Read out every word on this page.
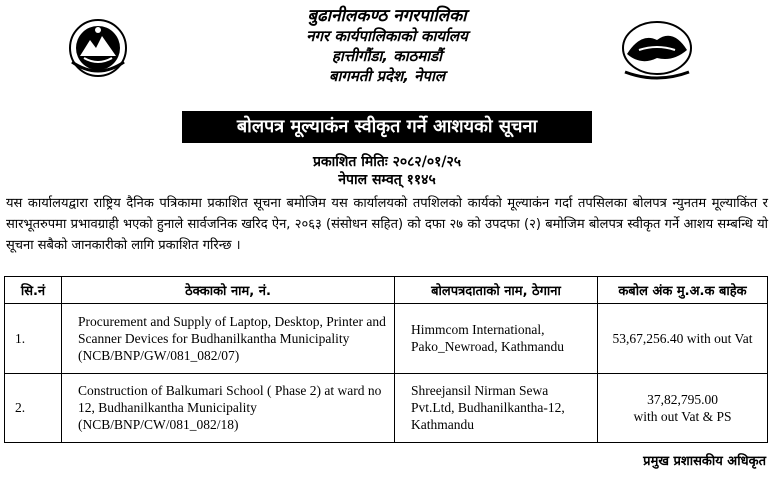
बुढानीलकण्ठ नगरपालिका
नगर कार्यपालिकाको कार्यालय
हात्तीगौंडा, काठमाडौं
बागमती प्रदेश, नेपाल
बोलपत्र मूल्याकंन स्वीकृत गर्ने आशयको सूचना
प्रकाशित मितिः २०८२/०१/२५
नेपाल सम्वत् ११४५
यस कार्यालयद्वारा राष्ट्रिय दैनिक पत्रिकामा प्रकाशित सूचना बमोजिम यस कार्यालयको तपशिलको कार्यको मूल्याकंन गर्दा तपसिलका बोलपत्र न्युनतम मूल्याकिंत र सारभूतरुपमा प्रभावग्राही भएको हुनाले सार्वजनिक खरिद ऐन, २०६३ (संसोधन सहित) को दफा २७ को उपदफा (२) बमोजिम बोलपत्र स्वीकृत गर्ने आशय सम्बन्धि यो सूचना सबैको जानकारीको लागि प्रकाशित गरिन्छ ।
सि.नं	ठेक्काको नाम, नं.	बोलपत्रदाताको नाम, ठेगाना	कबोल अंक मु.अ.क बाहेक
1.	Procurement and Supply of Laptop, Desktop, Printer and Scanner Devices for Budhanilkantha Municipality (NCB/BNP/GW/081_082/07)	Himmcom International, Pako_Newroad, Kathmandu	53,67,256.40 with out Vat

2.	Construction of Balkumari School ( Phase 2) at ward no 12, Budhanilkantha Municipality (NCB/BNP/CW/081_082/18)	Shreejansil Nirman Sewa Pvt.Ltd, Budhanilkantha-12, Kathmandu	37,82,795.00
with out Vat & PS
प्रमुख प्रशासकीय अधिकृत
